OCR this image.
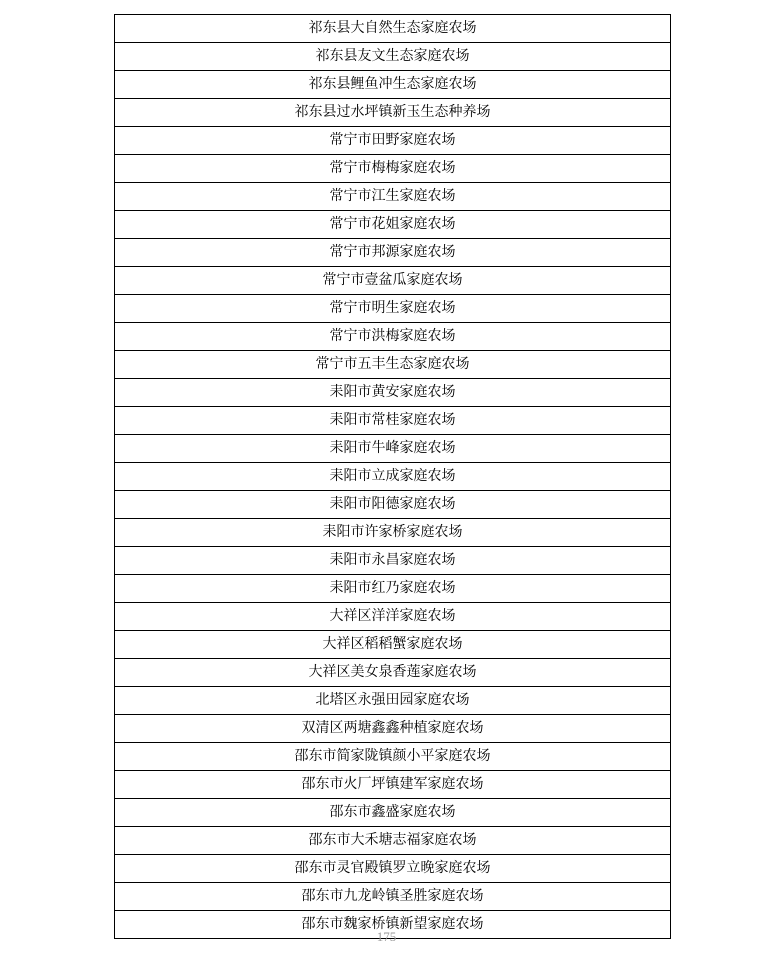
祁东县大自然生态家庭农场
祁东县友文生态家庭农场
祁东县鲤鱼冲生态家庭农场
祁东县过水坪镇新玉生态种养场
常宁市田野家庭农场
常宁市梅梅家庭农场
常宁市江生家庭农场
常宁市花姐家庭农场
常宁市邦源家庭农场
常宁市壹盆瓜家庭农场
常宁市明生家庭农场
常宁市洪梅家庭农场
常宁市五丰生态家庭农场
耒阳市黄安家庭农场
耒阳市常桂家庭农场
耒阳市牛峰家庭农场
耒阳市立成家庭农场
耒阳市阳德家庭农场
耒阳市许家桥家庭农场
耒阳市永昌家庭农场
耒阳市红乃家庭农场
大祥区洋洋家庭农场
大祥区稻稻蟹家庭农场
大祥区美女泉香莲家庭农场
北塔区永强田园家庭农场
双清区两塘鑫鑫种植家庭农场
邵东市简家陇镇颜小平家庭农场
邵东市火厂坪镇建军家庭农场
邵东市鑫盛家庭农场
邵东市大禾塘志福家庭农场
邵东市灵官殿镇罗立晚家庭农场
邵东市九龙岭镇圣胜家庭农场
邵东市魏家桥镇新望家庭农场
175
